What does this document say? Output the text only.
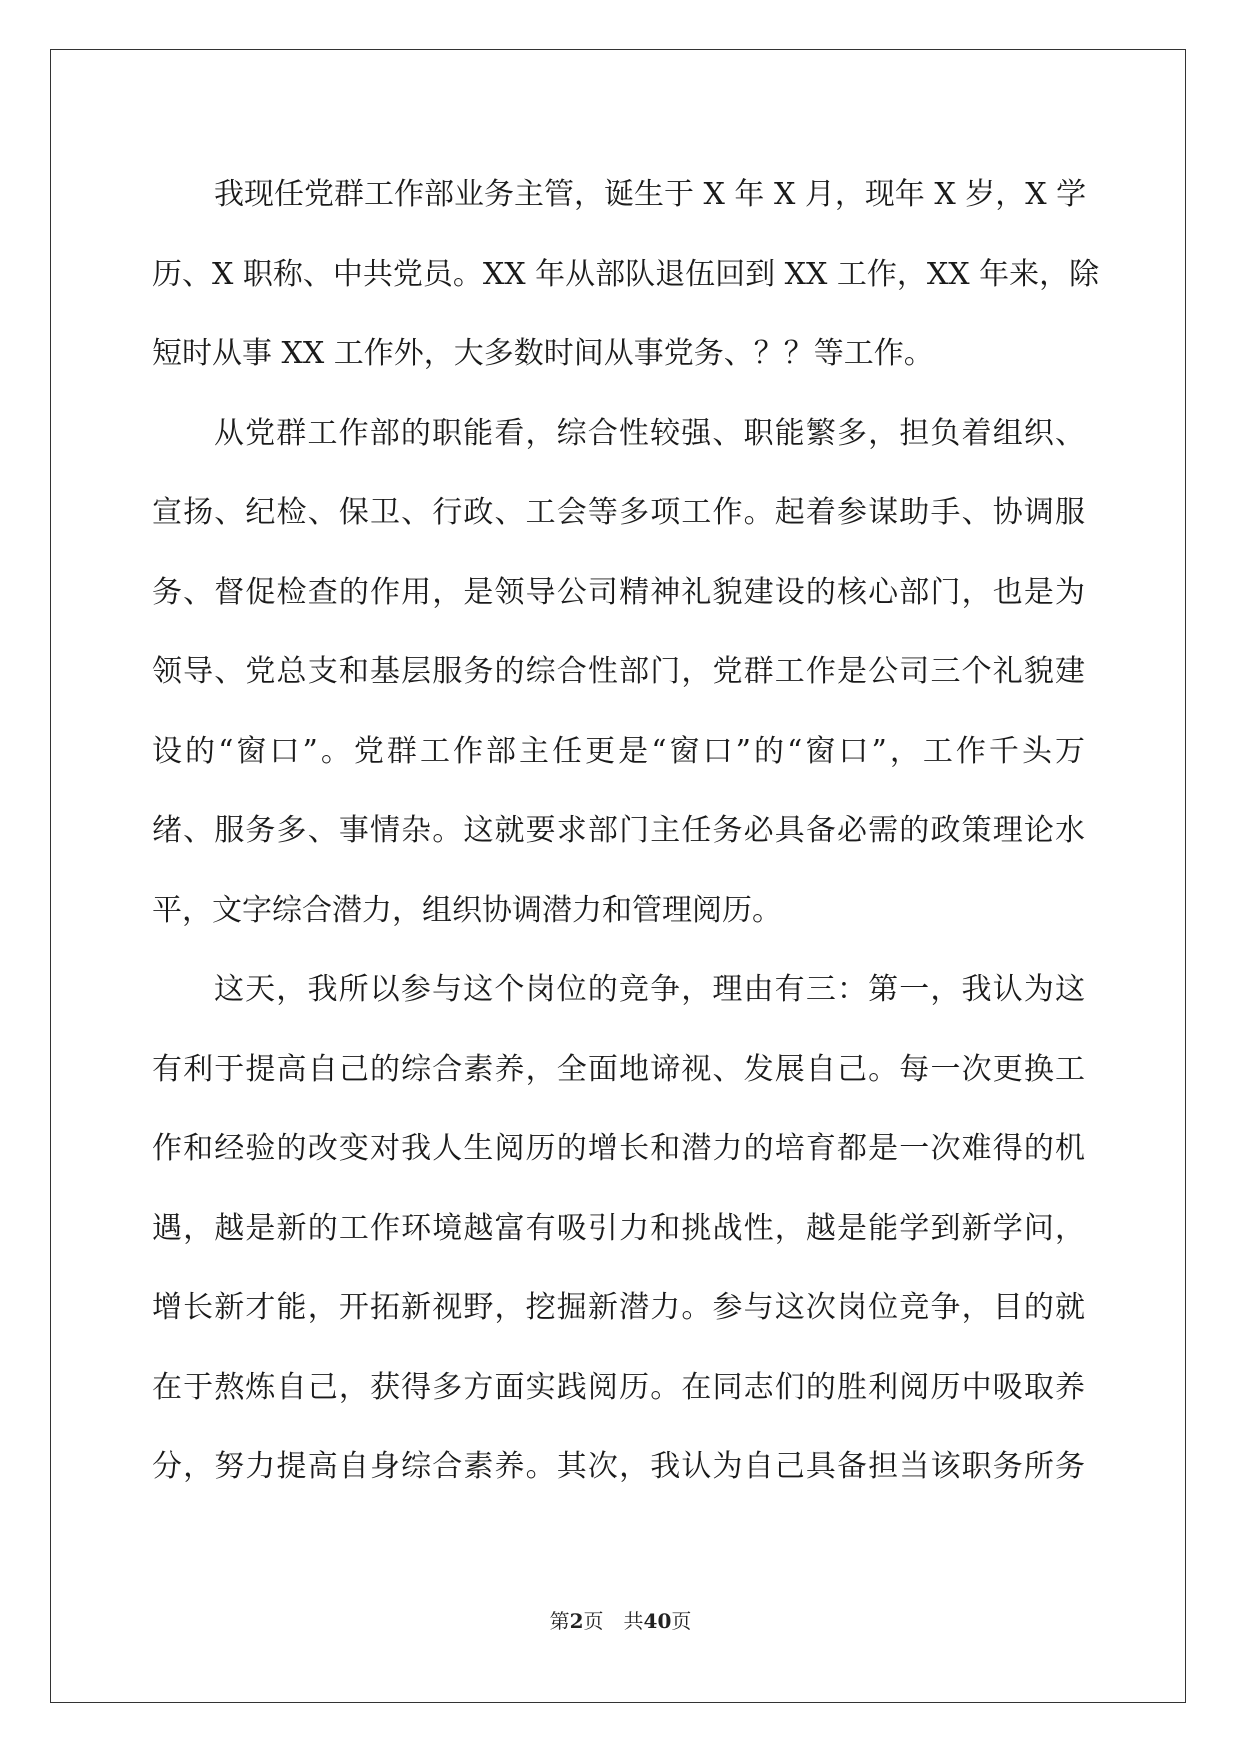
我现任党群工作部业务主管，诞生于 X 年 X 月，现年 X 岁，X 学
历、X 职称、中共党员。XX 年从部队退伍回到 XX 工作，XX 年来，除
短时从事 XX 工作外，大多数时间从事党务、？？等工作。
从党群工作部的职能看，综合性较强、职能繁多，担负着组织、
宣扬、纪检、保卫、行政、工会等多项工作。起着参谋助手、协调服
务、督促检查的作用，是领导公司精神礼貌建设的核心部门，也是为
领导、党总支和基层服务的综合性部门，党群工作是公司三个礼貌建
设的“窗口”。党群工作部主任更是“窗口”的“窗口”，工作千头万
绪、服务多、事情杂。这就要求部门主任务必具备必需的政策理论水
平，文字综合潜力，组织协调潜力和管理阅历。
这天，我所以参与这个岗位的竞争，理由有三：第一，我认为这
有利于提高自己的综合素养，全面地谛视、发展自己。每一次更换工
作和经验的改变对我人生阅历的增长和潜力的培育都是一次难得的机
遇，越是新的工作环境越富有吸引力和挑战性，越是能学到新学问，
增长新才能，开拓新视野，挖掘新潜力。参与这次岗位竞争，目的就
在于熬炼自己，获得多方面实践阅历。在同志们的胜利阅历中吸取养
分，努力提高自身综合素养。其次，我认为自己具备担当该职务所务
第2页 共40页
